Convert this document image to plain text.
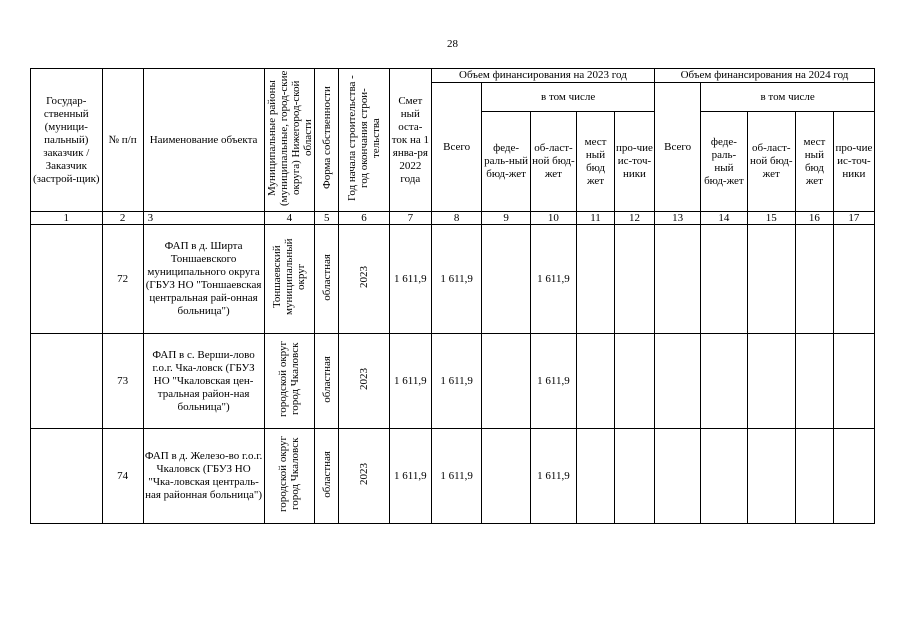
28
Государ-ственный (муници-пальный) заказчик / Заказчик (застрой-щик)	№ п/п	Наименование объекта	Муниципальные районы (муниципальные, город-ские округа) Нижегород-ской области	Форма собственности	Год начала строительства - год окончания строи-тельства	Смет ный оста-ток на 1 янва-ря 2022 года	Объем финансирования на 2023 год					Объем финансирования на 2024 год				
							Всего	в том числе				Всего	в том числе			
								феде-раль-ный бюд-жет	об-ласт-ной бюд-жет	мест ный бюд жет	про-чие ис-точ-ники		феде-раль-ный бюд-жет	об-ласт-ной бюд-жет	мест ный бюд жет	про-чие ис-точ-ники
1	2	3	4	5	6	7	8	9	10	11	12	13	14	15	16	17
	72	ФАП в д. Ширта Тоншаевского муниципального округа (ГБУЗ НО "Тоншаевская центральная рай-онная больница")	Тоншаевский муниципальный округ	областная	2023	1 611,9	1 611,9		1 611,9							
	73	ФАП в с. Верши-лово г.о.г. Чка-ловск (ГБУЗ НО "Чкаловская цен-тральная район-ная больница")	городской округ город Чкаловск	областная	2023	1 611,9	1 611,9		1 611,9							
	74	ФАП в д. Железо-во г.о.г. Чкаловск (ГБУЗ НО "Чка-ловская централь-ная районная больница")	городской округ город Чкаловск	областная	2023	1 611,9	1 611,9		1 611,9							
